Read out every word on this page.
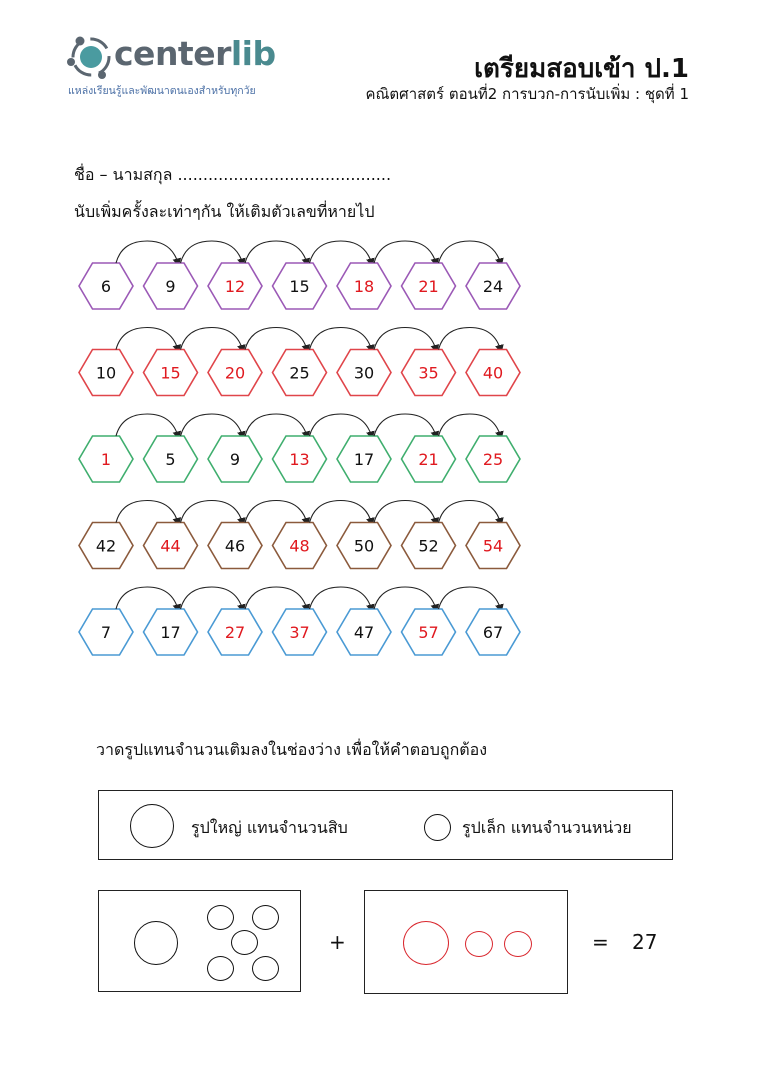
centerlib
แหล่งเรียนรู้และพัฒนาตนเองสำหรับทุกวัย
เตรียมสอบเข้า ป.1
คณิตศาสตร์ ตอนที่2 การบวก-การนับเพิ่ม : ชุดที่ 1
ชื่อ – นามสกุล ..........................................
นับเพิ่มครั้งละเท่าๆกัน ให้เติมตัวเลขที่หายไป
6	9	12	15	18	21	24
10	15	20	25	30	35	40
1	5	9	13	17	21	25
42	44	46	48	50	52	54
7	17	27	37	47	57	67
วาดรูปแทนจำนวนเติมลงในช่องว่าง เพื่อให้คำตอบถูกต้อง
รูปใหญ่ แทนจำนวนสิบ	รูปเล็ก แทนจำนวนหน่วย
+	= 27
